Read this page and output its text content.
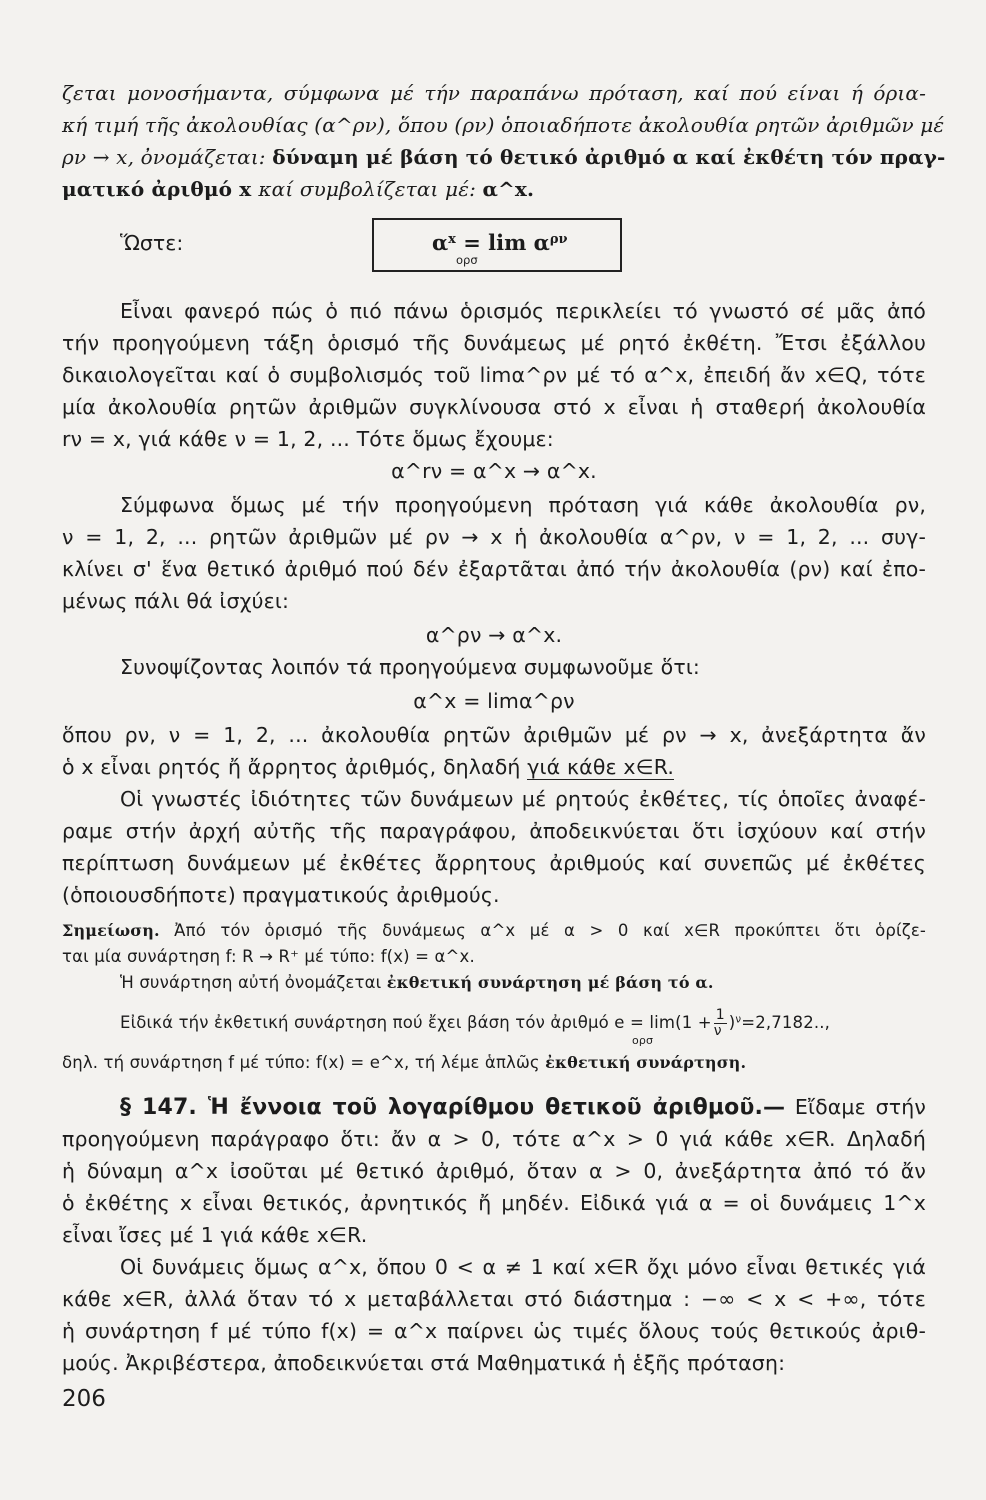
ζεται μονοσήμαντα, σύμφωνα μέ τήν παραπάνω πρόταση, καί πού είναι ή όρια-
κή τιμή τῆς ἀκολουθίας (α^ρν), ὅπου (ρν) ὁποιαδήποτε ἀκολουθία ρητῶν ἀριθμῶν μέ
ρν → x, ὀνομάζεται: δύναμη μέ βάση τό θετικό ἀριθμό α καί ἐκθέτη τόν πραγ-
ματικό ἀριθμό x καί συμβολίζεται μέ: α^x.
Ὥστε:	$\alpha^x = \lim \alpha^{\rho\nu}$
ορσ
Εἶναι φανερό πώς ὁ πιό πάνω ὁρισμός περικλείει τό γνωστό σέ μᾶς ἀπό
τήν προηγούμενη τάξη ὁρισμό τῆς δυνάμεως μέ ρητό ἐκθέτη. Ἔτσι ἐξάλλου
δικαιολογεῖται καί ὁ συμβολισμός τοῦ limα^ρν μέ τό α^x, ἐπειδή ἄν x∈Q, τότε
μία ἀκολουθία ρητῶν ἀριθμῶν συγκλίνουσα στό x εἶναι ἡ σταθερή ἀκολουθία
rν = x, γιά κάθε ν = 1, 2, ... Τότε ὅμως ἔχουμε:
α^rν = α^x → α^x.
Σύμφωνα ὅμως μέ τήν προηγούμενη πρόταση γιά κάθε ἀκολουθία ρν,
ν = 1, 2, ... ρητῶν ἀριθμῶν μέ ρν → x ἡ ἀκολουθία α^ρν, ν = 1, 2, ... συγ-
κλίνει σ' ἕνα θετικό ἀριθμό πού δέν ἐξαρτᾶται ἀπό τήν ἀκολουθία (ρν) καί ἐπο-
μένως πάλι θά ἰσχύει:
α^ρν → α^x.
Συνοψίζοντας λοιπόν τά προηγούμενα συμφωνοῦμε ὅτι:
α^x = limα^ρν
ὅπου ρν, ν = 1, 2, ... ἀκολουθία ρητῶν ἀριθμῶν μέ ρν → x, ἀνεξάρτητα ἄν
ὁ x εἶναι ρητός ἤ ἄρρητος ἀριθμός, δηλαδή γιά κάθε x∈R.
Οἱ γνωστές ἰδιότητες τῶν δυνάμεων μέ ρητούς ἐκθέτες, τίς ὁποῖες ἀναφέ-
ραμε στήν ἀρχή αὐτῆς τῆς παραγράφου, ἀποδεικνύεται ὅτι ἰσχύουν καί στήν
περίπτωση δυνάμεων μέ ἐκθέτες ἄρρητους ἀριθμούς καί συνεπῶς μέ ἐκθέτες
(ὁποιουσδήποτε) πραγματικούς ἀριθμούς.
Σημείωση. Ἀπό τόν ὁρισμό τῆς δυνάμεως α^x μέ α > 0 καί x∈R προκύπτει ὅτι ὁρίζε-
ται μία συνάρτηση f: R → R⁺ μέ τύπο: f(x) = α^x.
Ἡ συνάρτηση αὐτή ὀνομάζεται ἐκθετική συνάρτηση μέ βάση τό α.
Εἰδικά τήν ἐκθετική συνάρτηση πού ἔχει βάση τόν ἀριθμό e =
ορσ
$\lim(1 + \frac{1}{\nu} )^\nu=2,7182$..,
δηλ. τή συνάρτηση f μέ τύπο: f(x) = e^x, τή λέμε ἁπλῶς ἐκθετική συνάρτηση.
§ 147. Ἡ ἔννοια τοῦ λογαρίθμου θετικοῦ ἀριθμοῦ.— Εἴδαμε στήν
προηγούμενη παράγραφο ὅτι: ἄν α > 0, τότε α^x > 0 γιά κάθε x∈R. Δηλαδή
ἡ δύναμη α^x ἰσοῦται μέ θετικό ἀριθμό, ὅταν α > 0, ἀνεξάρτητα ἀπό τό ἄν
ὁ ἐκθέτης x εἶναι θετικός, ἀρνητικός ἤ μηδέν. Εἰδικά γιά α = οἱ δυνάμεις 1^x
εἶναι ἴσες μέ 1 γιά κάθε x∈R.
Οἱ δυνάμεις ὅμως α^x, ὅπου 0 < α ≠ 1 καί x∈R ὄχι μόνο εἶναι θετικές γιά
κάθε x∈R, ἀλλά ὅταν τό x μεταβάλλεται στό διάστημα : −∞ < x < +∞, τότε
ἡ συνάρτηση f μέ τύπο f(x) = α^x παίρνει ὡς τιμές ὅλους τούς θετικούς ἀριθ-
μούς. Ἀκριβέστερα, ἀποδεικνύεται στά Μαθηματικά ἡ ἑξῆς πρόταση:
206
